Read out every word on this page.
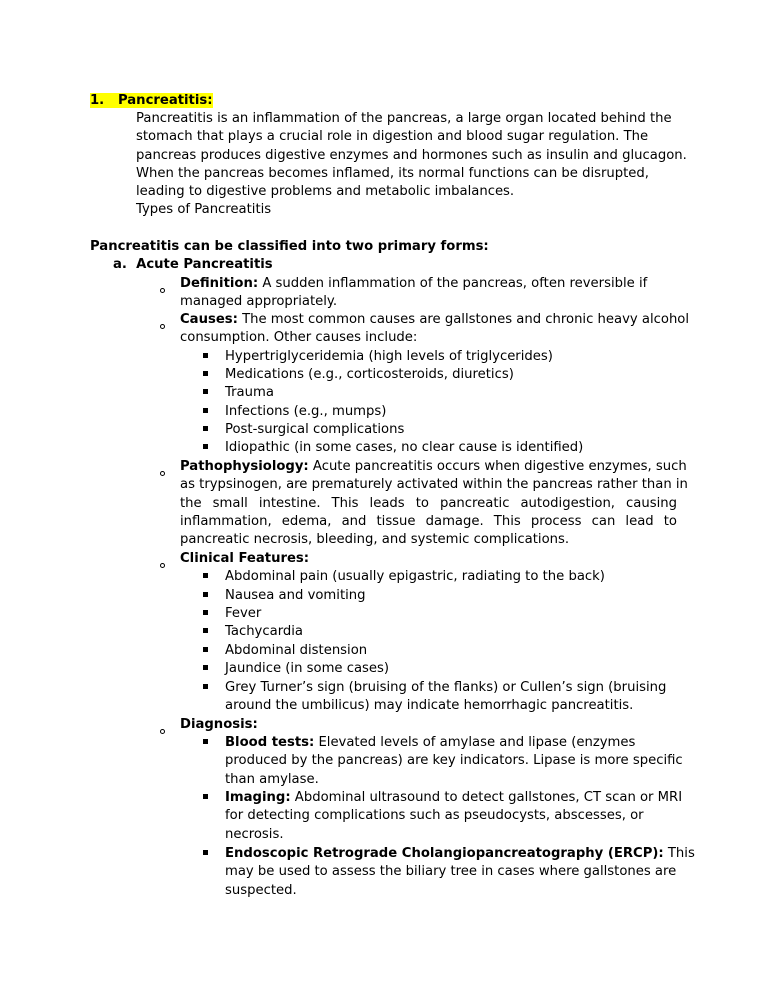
1. Pancreatitis:
Pancreatitis is an inflammation of the pancreas, a large organ located behind the
stomach that plays a crucial role in digestion and blood sugar regulation. The
pancreas produces digestive enzymes and hormones such as insulin and glucagon.
When the pancreas becomes inflamed, its normal functions can be disrupted,
leading to digestive problems and metabolic imbalances.
Types of Pancreatitis
Pancreatitis can be classified into two primary forms:
a. Acute Pancreatitis
Definition: A sudden inflammation of the pancreas, often reversible if
managed appropriately.
Causes: The most common causes are gallstones and chronic heavy alcohol
consumption. Other causes include:
Hypertriglyceridemia (high levels of triglycerides)
Medications (e.g., corticosteroids, diuretics)
Trauma
Infections (e.g., mumps)
Post-surgical complications
Idiopathic (in some cases, no clear cause is identified)
Pathophysiology: Acute pancreatitis occurs when digestive enzymes, such
as trypsinogen, are prematurely activated within the pancreas rather than in
the small intestine. This leads to pancreatic autodigestion, causing
inflammation, edema, and tissue damage. This process can lead to
pancreatic necrosis, bleeding, and systemic complications.
Clinical Features:
Abdominal pain (usually epigastric, radiating to the back)
Nausea and vomiting
Fever
Tachycardia
Abdominal distension
Jaundice (in some cases)
Grey Turner’s sign (bruising of the flanks) or Cullen’s sign (bruising
around the umbilicus) may indicate hemorrhagic pancreatitis.
Diagnosis:
Blood tests: Elevated levels of amylase and lipase (enzymes
produced by the pancreas) are key indicators. Lipase is more specific
than amylase.
Imaging: Abdominal ultrasound to detect gallstones, CT scan or MRI
for detecting complications such as pseudocysts, abscesses, or
necrosis.
Endoscopic Retrograde Cholangiopancreatography (ERCP): This
may be used to assess the biliary tree in cases where gallstones are
suspected.
